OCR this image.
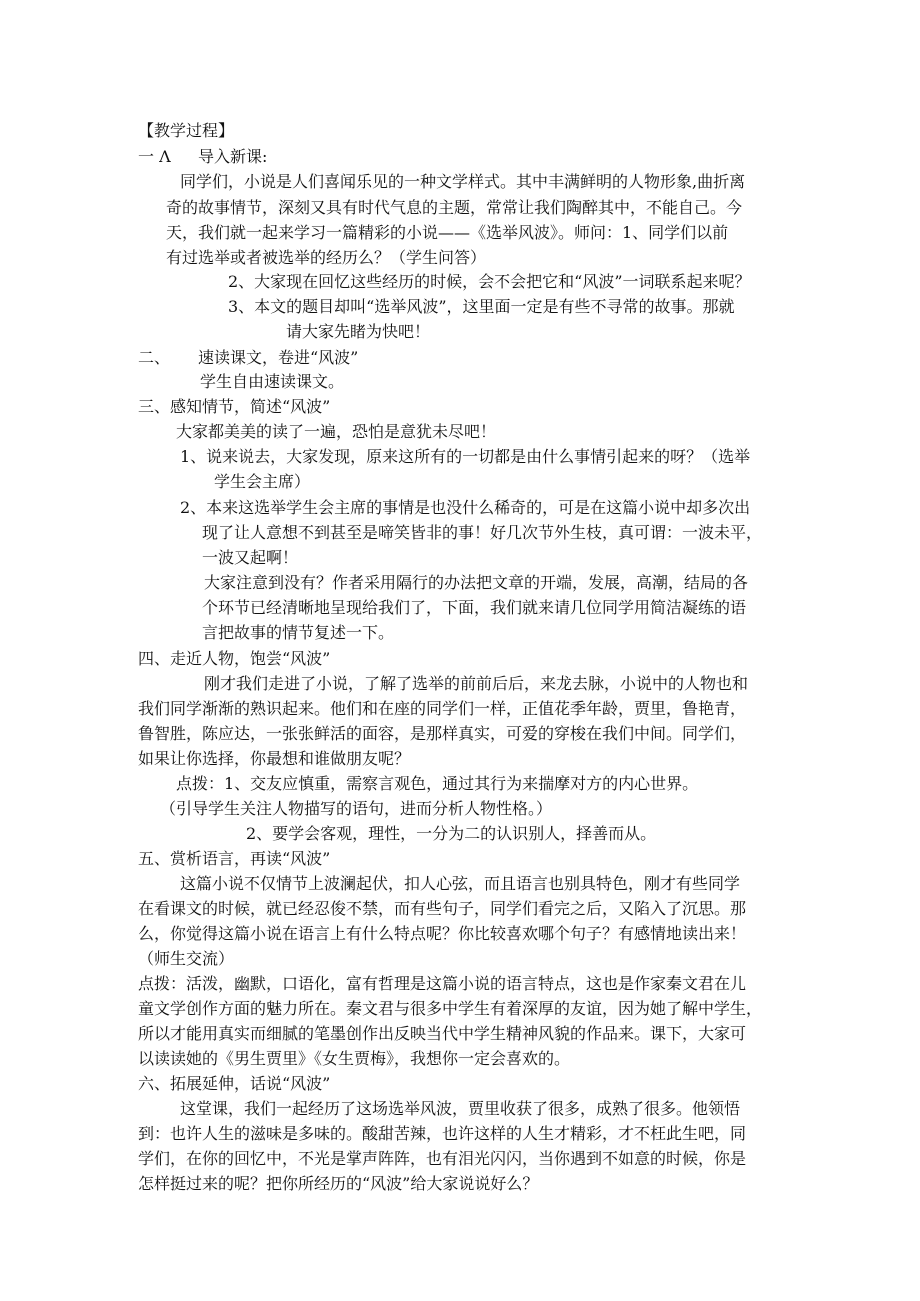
【教学过程】
一 Λ 导入新课:
同学们，小说是人们喜闻乐见的一种文学样式。其中丰满鲜明的人物形象,曲折离
奇的故事情节，深刻又具有时代气息的主题，常常让我们陶醉其中，不能自己。今
天，我们就一起来学习一篇精彩的小说——《选举风波》。师问：1、同学们以前
有过选举或者被选举的经历么？（学生问答）
2、大家现在回忆这些经历的时候，会不会把它和“风波”一词联系起来呢？
3、本文的题目却叫“选举风波”，这里面一定是有些不寻常的故事。那就
请大家先睹为快吧！
二、 速读课文，卷进“风波”
学生自由速读课文。
三、感知情节，简述“风波”
大家都美美的读了一遍，恐怕是意犹未尽吧！
1、说来说去，大家发现，原来这所有的一切都是由什么事情引起来的呀？（选举
学生会主席）
2、本来这选举学生会主席的事情是也没什么稀奇的，可是在这篇小说中却多次出
现了让人意想不到甚至是啼笑皆非的事！好几次节外生枝，真可谓：一波未平，
一波又起啊！
大家注意到没有？作者采用隔行的办法把文章的开端，发展，高潮，结局的各
个环节已经清晰地呈现给我们了，下面，我们就来请几位同学用简洁凝练的语
言把故事的情节复述一下。
四、走近人物，饱尝“风波”
刚才我们走进了小说，了解了选举的前前后后，来龙去脉，小说中的人物也和
我们同学渐渐的熟识起来。他们和在座的同学们一样，正值花季年龄，贾里，鲁艳青，
鲁智胜，陈应达，一张张鲜活的面容，是那样真实，可爱的穿梭在我们中间。同学们，
如果让你选择，你最想和谁做朋友呢？
点拨：1、交友应慎重，需察言观色，通过其行为来揣摩对方的内心世界。
（引导学生关注人物描写的语句，进而分析人物性格。）
2、要学会客观，理性，一分为二的认识别人，择善而从。
五、赏析语言，再读“风波”
这篇小说不仅情节上波澜起伏，扣人心弦，而且语言也别具特色，刚才有些同学
在看课文的时候，就已经忍俊不禁，而有些句子，同学们看完之后，又陷入了沉思。那
么，你觉得这篇小说在语言上有什么特点呢？你比较喜欢哪个句子？有感情地读出来！
（师生交流）
点拨：活泼，幽默，口语化，富有哲理是这篇小说的语言特点，这也是作家秦文君在儿
童文学创作方面的魅力所在。秦文君与很多中学生有着深厚的友谊，因为她了解中学生，
所以才能用真实而细腻的笔墨创作出反映当代中学生精神风貌的作品来。课下，大家可
以读读她的《男生贾里》《女生贾梅》，我想你一定会喜欢的。
六、拓展延伸，话说“风波”
这堂课，我们一起经历了这场选举风波，贾里收获了很多，成熟了很多。他领悟
到：也许人生的滋味是多味的。酸甜苦辣，也许这样的人生才精彩，才不枉此生吧，同
学们，在你的回忆中，不光是掌声阵阵，也有泪光闪闪，当你遇到不如意的时候，你是
怎样挺过来的呢？把你所经历的“风波”给大家说说好么？
